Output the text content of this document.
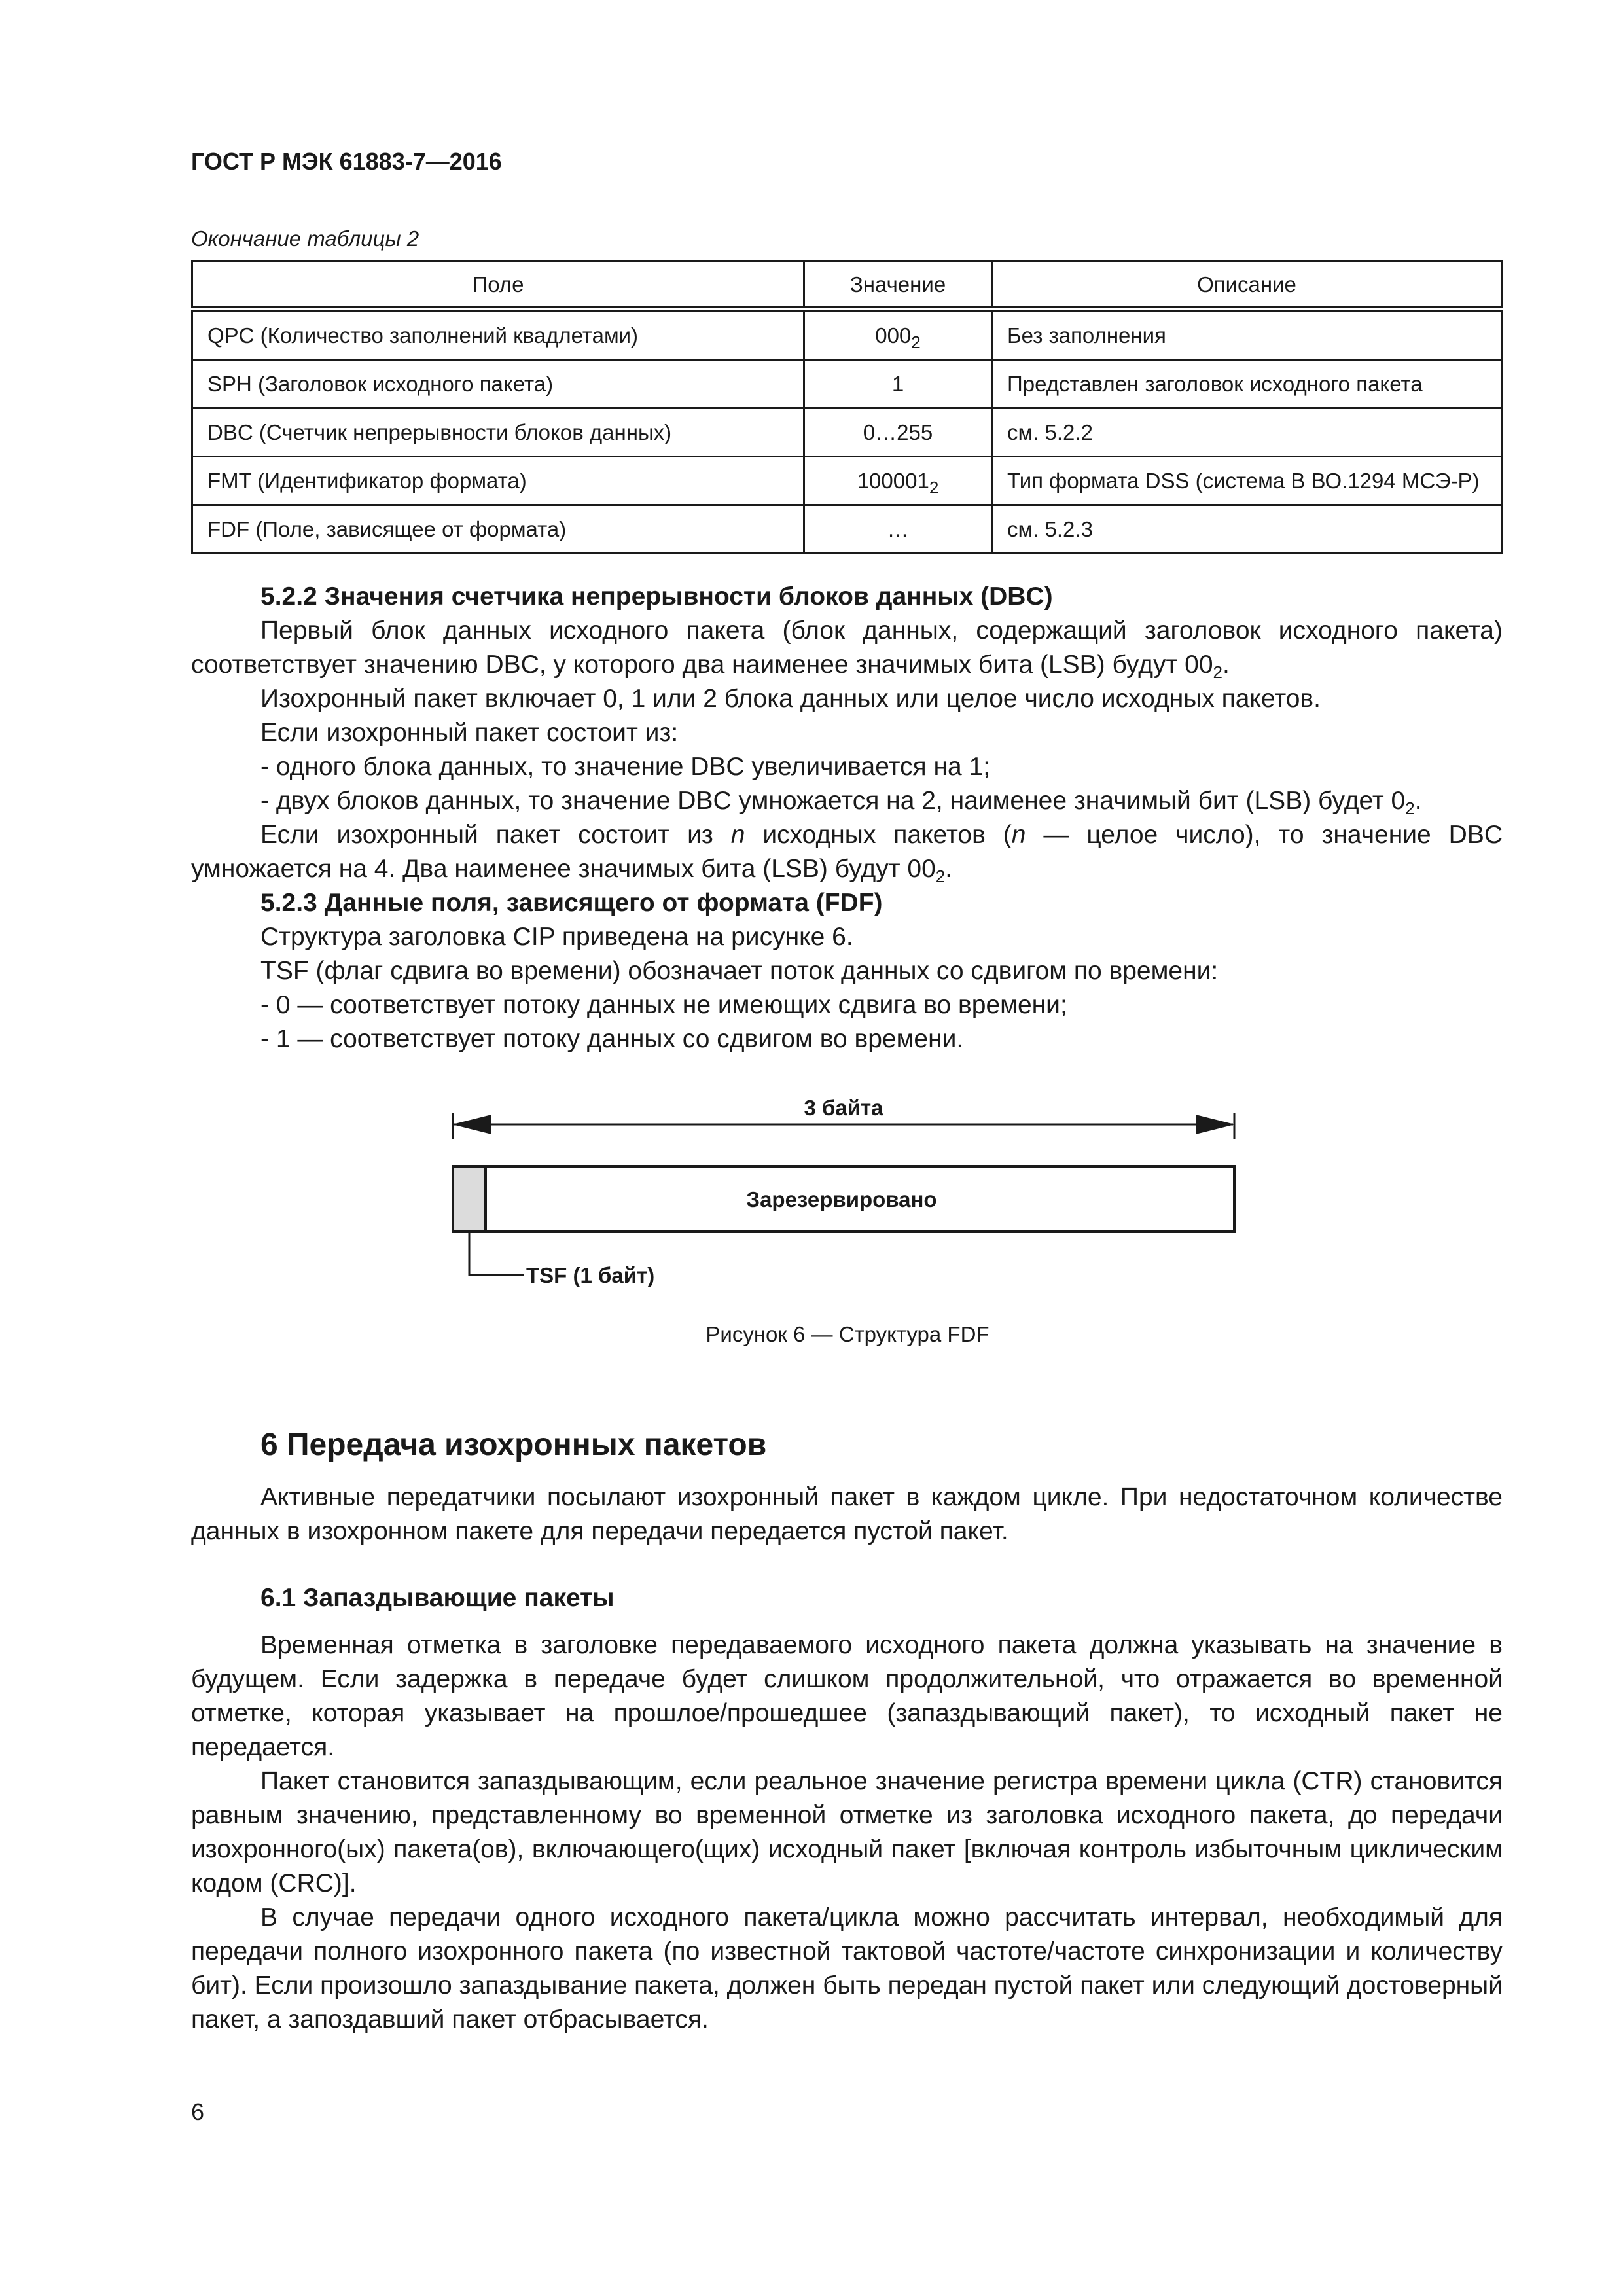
ГОСТ Р МЭК 61883-7—2016
Окончание таблицы 2
Поле	Значение	Описание
QPC (Количество заполнений квадлетами)	$000_2$	Без заполнения
SPH (Заголовок исходного пакета)	1	Представлен заголовок исходного пакета
DBC (Счетчик непрерывности блоков данных)	0…255	см. 5.2.2
FMT (Идентификатор формата)	$100001_2$	Тип формата DSS (система B ВО.1294 МСЭ-Р)
FDF (Поле, зависящее от формата)	…	см. 5.2.3

5.2.2 Значения счетчика непрерывности блоков данных (DBC)

Первый блок данных исходного пакета (блок данных, содержащий заголовок исходного пакета) соответствует значению DBC, у которого два наименее значимых бита (LSB) будут $00_2$.

Изохронный пакет включает 0, 1 или 2 блока данных или целое число исходных пакетов.

Если изохронный пакет состоит из:

- одного блока данных, то значение DBC увеличивается на 1;

- двух блоков данных, то значение DBC умножается на 2, наименее значимый бит (LSB) будет $0_2$.

Если изохронный пакет состоит из n исходных пакетов (n — целое число), то значение DBC умножается на 4. Два наименее значимых бита (LSB) будут $00_2$.

5.2.3 Данные поля, зависящего от формата (FDF)

Структура заголовка CIP приведена на рисунке 6.

TSF (флаг сдвига во времени) обозначает поток данных со сдвигом по времени:

- 0 — соответствует потоку данных не имеющих сдвига во времени;

- 1 — соответствует потоку данных со сдвигом во времени.

3 байта
Зарезервировано
TSF (1 байт)
Рисунок 6 — Структура FDF
6 Передача изохронных пакетов

Активные передатчики посылают изохронный пакет в каждом цикле. При недостаточном количестве данных в изохронном пакете для передачи передается пустой пакет.

6.1 Запаздывающие пакеты

Временная отметка в заголовке передаваемого исходного пакета должна указывать на значение в будущем. Если задержка в передаче будет слишком продолжительной, что отражается во временной отметке, которая указывает на прошлое/прошедшее (запаздывающий пакет), то исходный пакет не передается.

Пакет становится запаздывающим, если реальное значение регистра времени цикла (CTR) становится равным значению, представленному во временной отметке из заголовка исходного пакета, до передачи изохронного(ых) пакета(ов), включающего(щих) исходный пакет [включая контроль избыточным циклическим кодом (CRC)].

В случае передачи одного исходного пакета/цикла можно рассчитать интервал, необходимый для передачи полного изохронного пакета (по известной тактовой частоте/частоте синхронизации и количеству бит). Если произошло запаздывание пакета, должен быть передан пустой пакет или следующий достоверный пакет, а запоздавший пакет отбрасывается.

6
